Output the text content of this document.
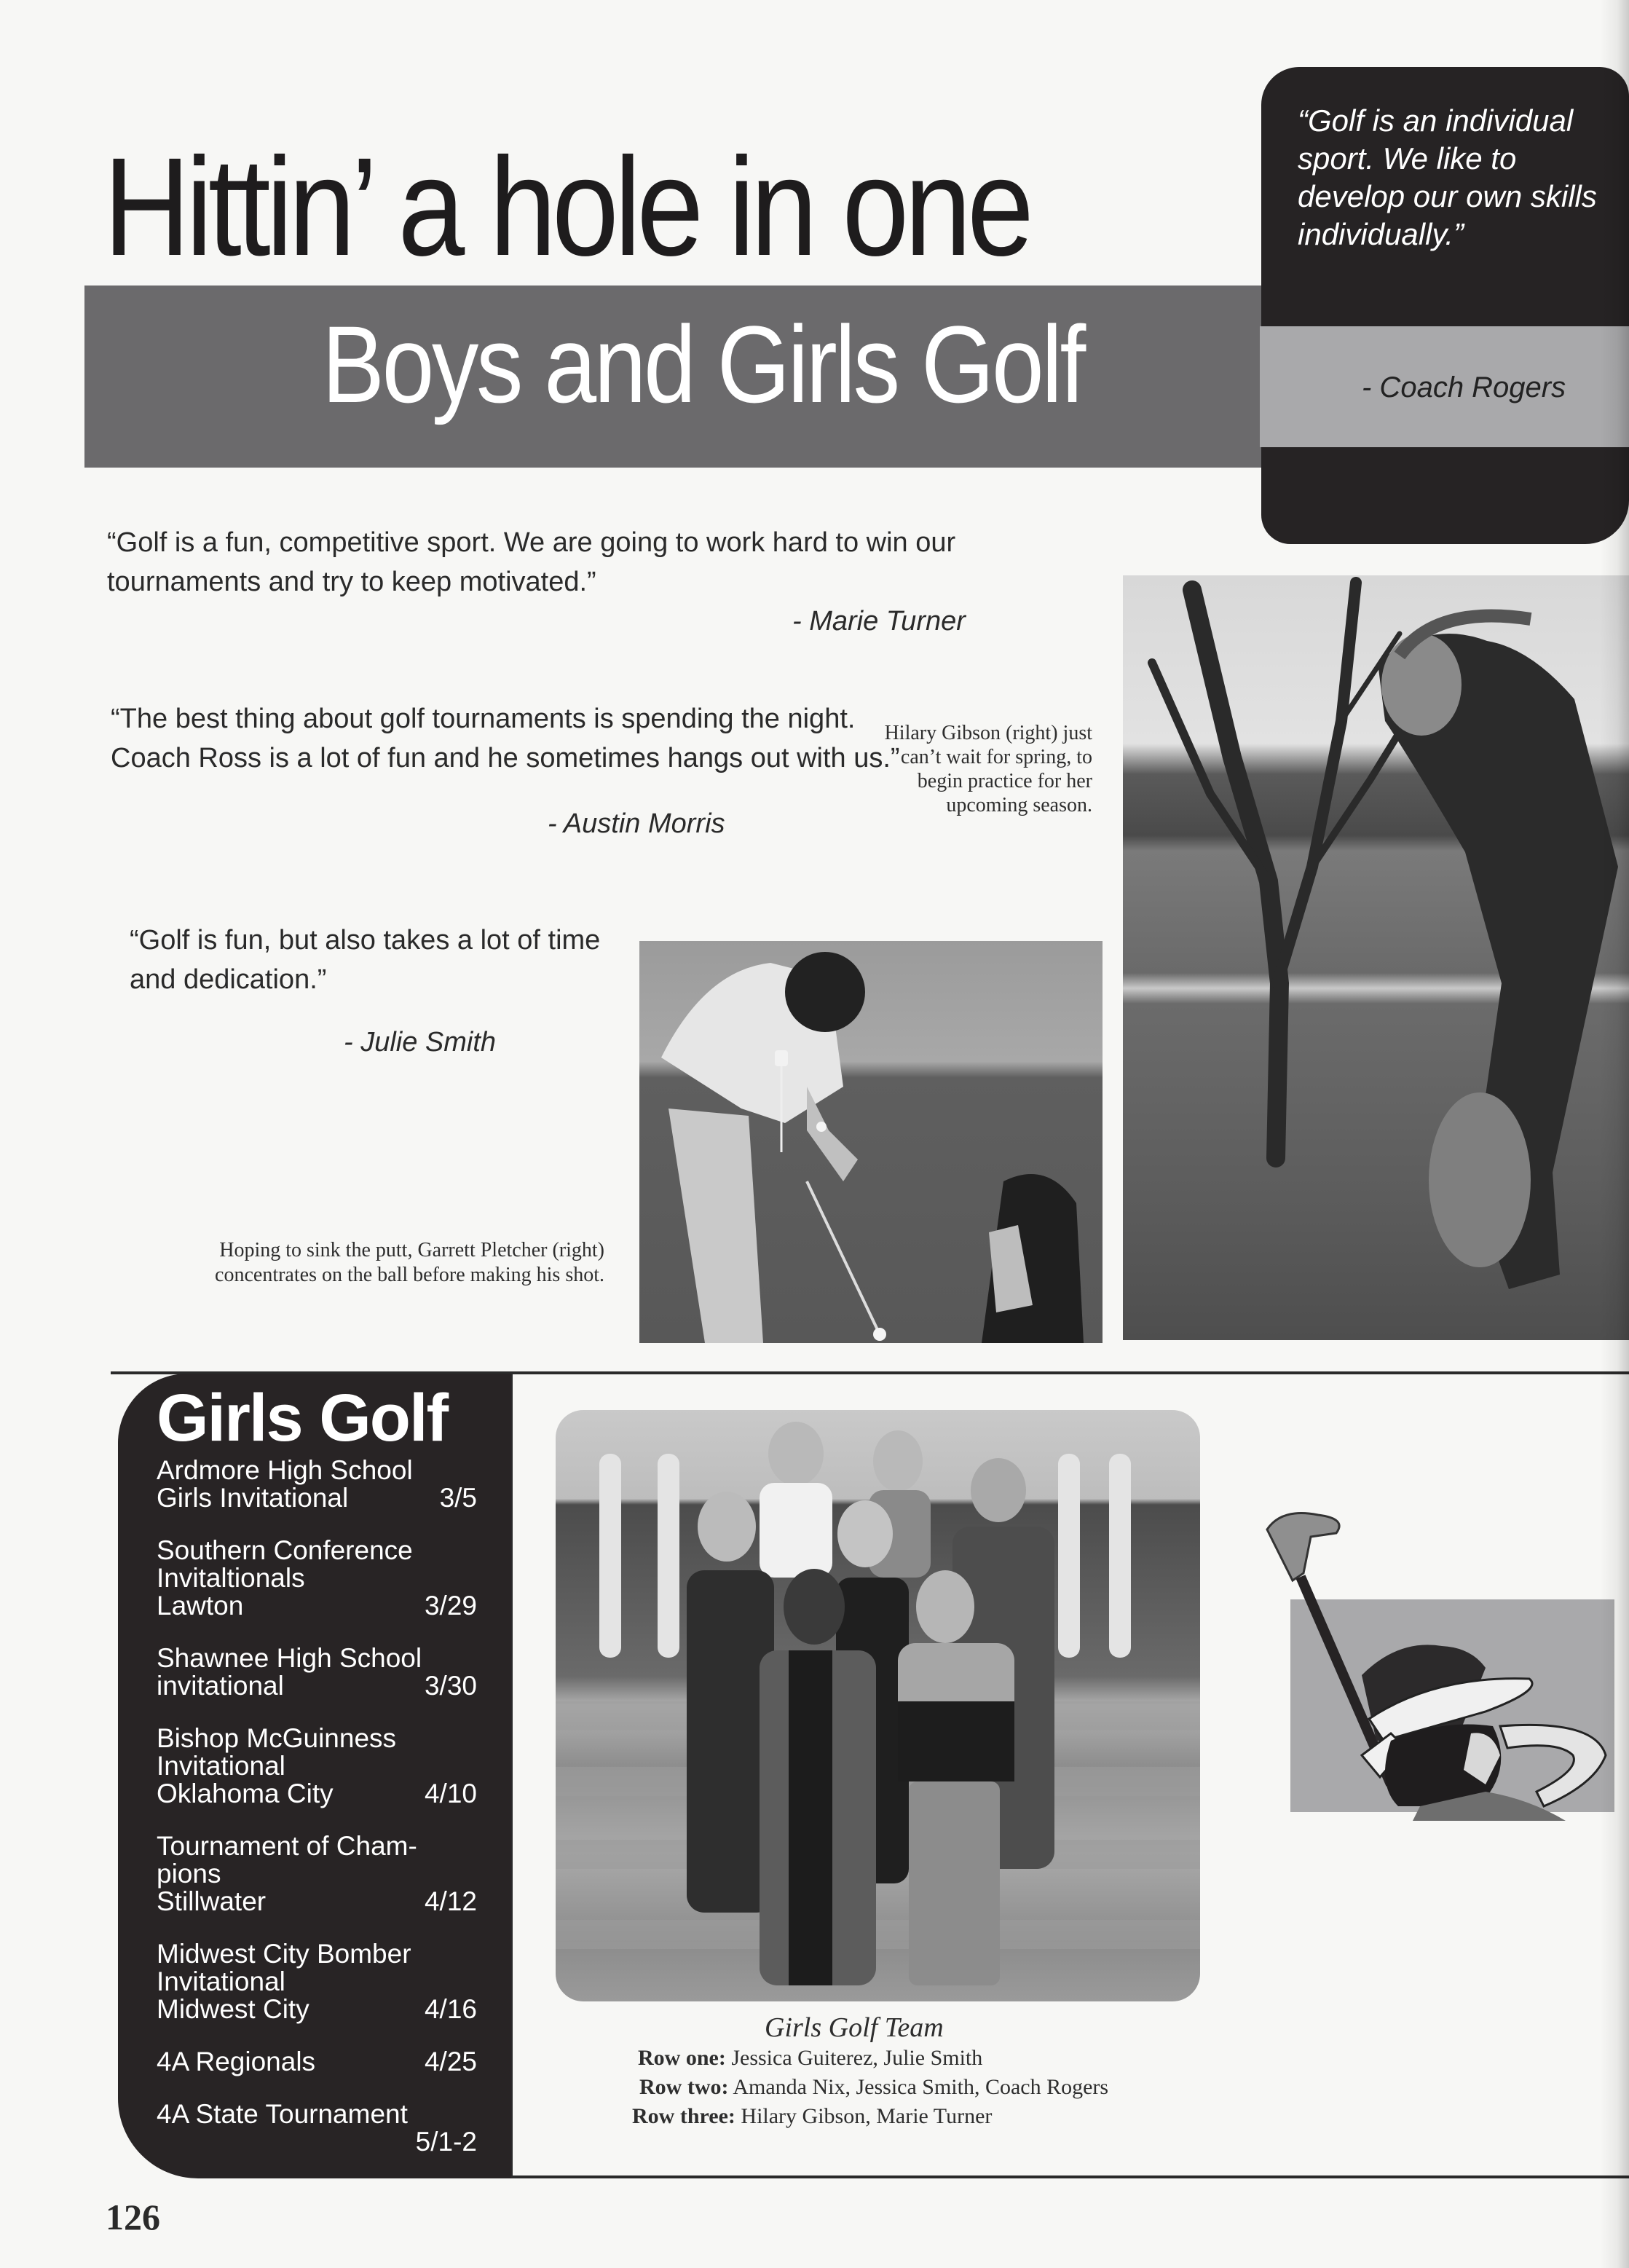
Hittin’ a hole in one
Boys and Girls Golf
“Golf is an individual sport. We like to develop our own skills individually.”
- Coach Rogers
“Golf is a fun, competitive sport. We are going to work hard to win our tournaments and try to keep motivated.”
- Marie Turner
“The best thing about golf tournaments is spending the night. Coach Ross is a lot of fun and he sometimes hangs out with us.”
- Austin Morris
“Golf is fun, but also takes a lot of time and dedication.”
- Julie Smith
Hilary Gibson (right) just can’t wait for spring, to begin practice for her upcoming season.
Hoping to sink the putt, Garrett Pletcher (right) concentrates on the ball before making his shot.
Girls Golf
Ardmore High School
Girls Invitational	3/5
Southern Conference
Invitaltionals
Lawton	3/29
Shawnee High School
invitational	3/30
Bishop McGuinness
Invitational
Oklahoma City	4/10
Tournament of Cham-
pions
Stillwater	4/12
Midwest City Bomber
Invitational
Midwest City	4/16
4A Regionals	4/25
4A State Tournament
5/1-2
Girls Golf Team
Row one: Jessica Guiterez, Julie Smith
Row two: Amanda Nix, Jessica Smith, Coach Rogers
Row three: Hilary Gibson, Marie Turner
126
